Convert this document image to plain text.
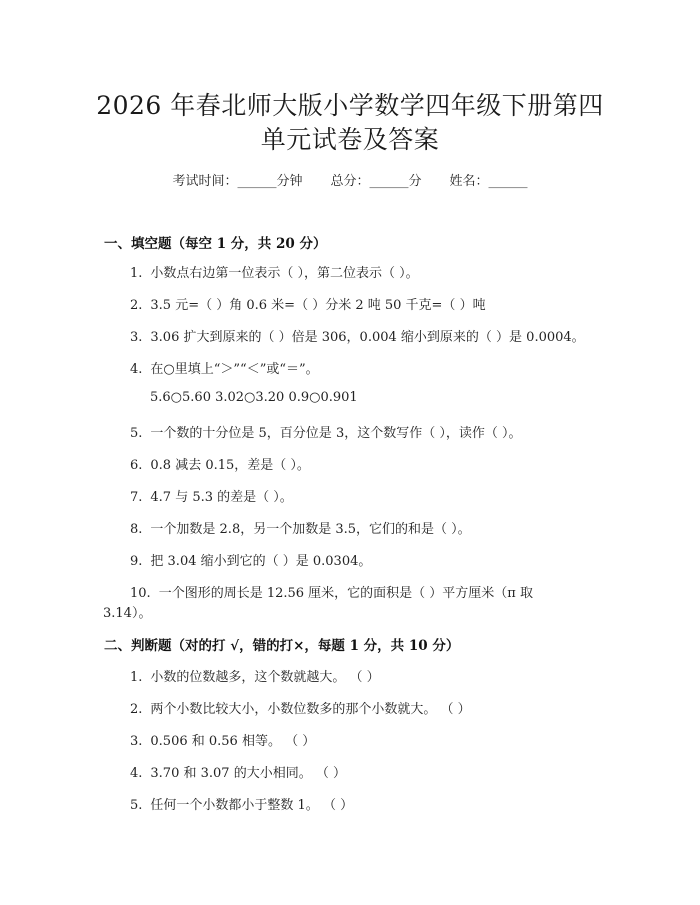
2026 年春北师大版小学数学四年级下册第四
单元试卷及答案
考试时间：______分钟 总分：______分 姓名：______
一、填空题（每空 1 分，共 20 分）
1. 小数点右边第一位表示（ ），第二位表示（ ）。
2. 3.5 元=（ ）角 0.6 米=（ ）分米 2 吨 50 千克=（ ）吨
3. 3.06 扩大到原来的（ ）倍是 306，0.004 缩小到原来的（ ）是 0.0004。
4. 在○里填上“＞”“＜”或“＝”。
5.6○5.60 3.02○3.20 0.9○0.901
5. 一个数的十分位是 5，百分位是 3，这个数写作（ ），读作（ ）。
6. 0.8 减去 0.15，差是（ ）。
7. 4.7 与 5.3 的差是（ ）。
8. 一个加数是 2.8，另一个加数是 3.5，它们的和是（ ）。
9. 把 3.04 缩小到它的（ ）是 0.0304。
10. 一个图形的周长是 12.56 厘米，它的面积是（ ）平方厘米（π 取
3.14）。
二、判断题（对的打 √，错的打×，每题 1 分，共 10 分）
1. 小数的位数越多，这个数就越大。 （ ）
2. 两个小数比较大小，小数位数多的那个小数就大。 （ ）
3. 0.506 和 0.56 相等。 （ ）
4. 3.70 和 3.07 的大小相同。 （ ）
5. 任何一个小数都小于整数 1。 （ ）
